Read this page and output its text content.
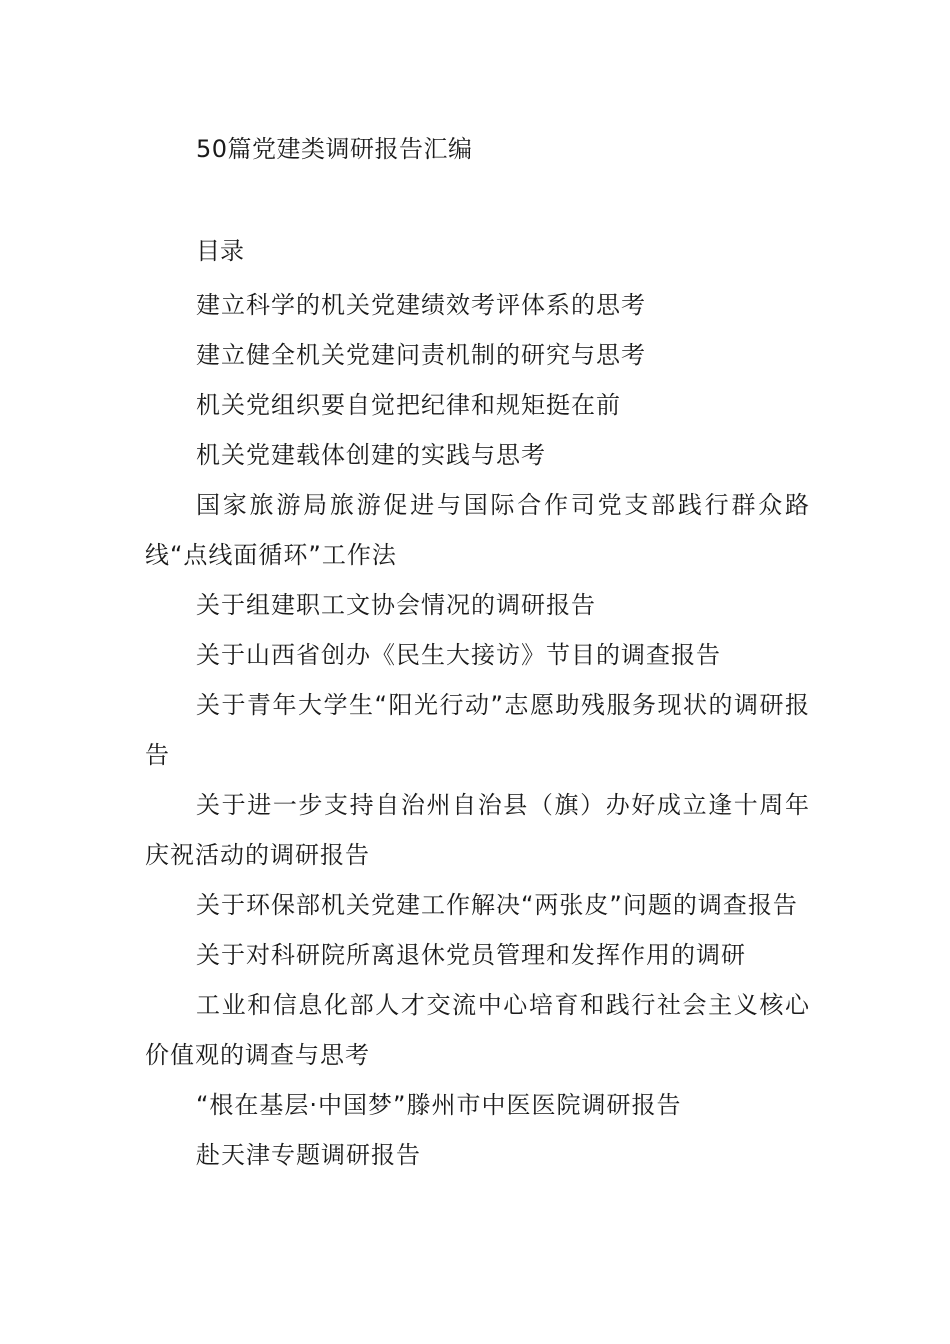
50篇党建类调研报告汇编
目录
建立科学的机关党建绩效考评体系的思考
建立健全机关党建问责机制的研究与思考
机关党组织要自觉把纪律和规矩挺在前
机关党建载体创建的实践与思考
国家旅游局旅游促进与国际合作司党支部践行群众路线“点线面循环”工作法
关于组建职工文协会情况的调研报告
关于山西省创办《民生大接访》节目的调查报告
关于青年大学生“阳光行动”志愿助残服务现状的调研报告
关于进一步支持自治州自治县（旗）办好成立逢十周年庆祝活动的调研报告
关于环保部机关党建工作解决“两张皮”问题的调查报告
关于对科研院所离退休党员管理和发挥作用的调研
工业和信息化部人才交流中心培育和践行社会主义核心价值观的调查与思考
“根在基层·中国梦”滕州市中医医院调研报告
赴天津专题调研报告
